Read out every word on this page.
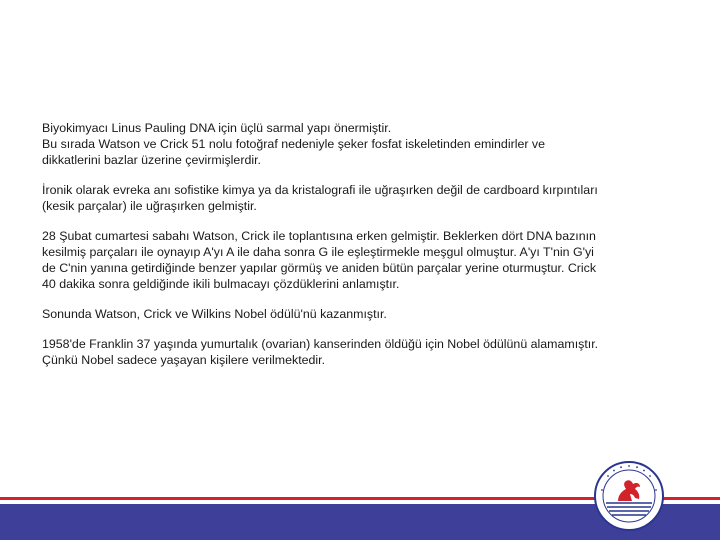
Biyokimyacı Linus Pauling DNA için üçlü sarmal yapı önermiştir.
Bu sırada Watson ve Crick 51 nolu fotoğraf nedeniyle şeker fosfat iskeletinden emindirler ve
dikkatlerini bazlar üzerine çevirmişlerdir.

İronik olarak evreka anı sofistike kimya ya da kristalografi ile uğraşırken değil de cardboard kırpıntıları
(kesik parçalar) ile uğraşırken gelmiştir.

28 Şubat cumartesi sabahı Watson, Crick ile toplantısına erken gelmiştir. Beklerken dört DNA bazının
kesilmiş parçaları ile oynayıp A'yı A ile daha sonra G ile eşleştirmekle meşgul olmuştur. A'yı T'nin G'yi
de C'nin yanına getirdiğinde benzer yapılar görmüş ve aniden bütün parçalar yerine oturmuştur. Crick
40 dakika sonra geldiğinde ikili bulmacayı çözdüklerini anlamıştır.

Sonunda Watson, Crick ve Wilkins Nobel ödülü'nü kazanmıştır.

1958'de Franklin 37 yaşında yumurtalık (ovarian) kanserinden öldüğü için Nobel ödülünü alamamıştır.
Çünkü Nobel sadece yaşayan kişilere verilmektedir.
